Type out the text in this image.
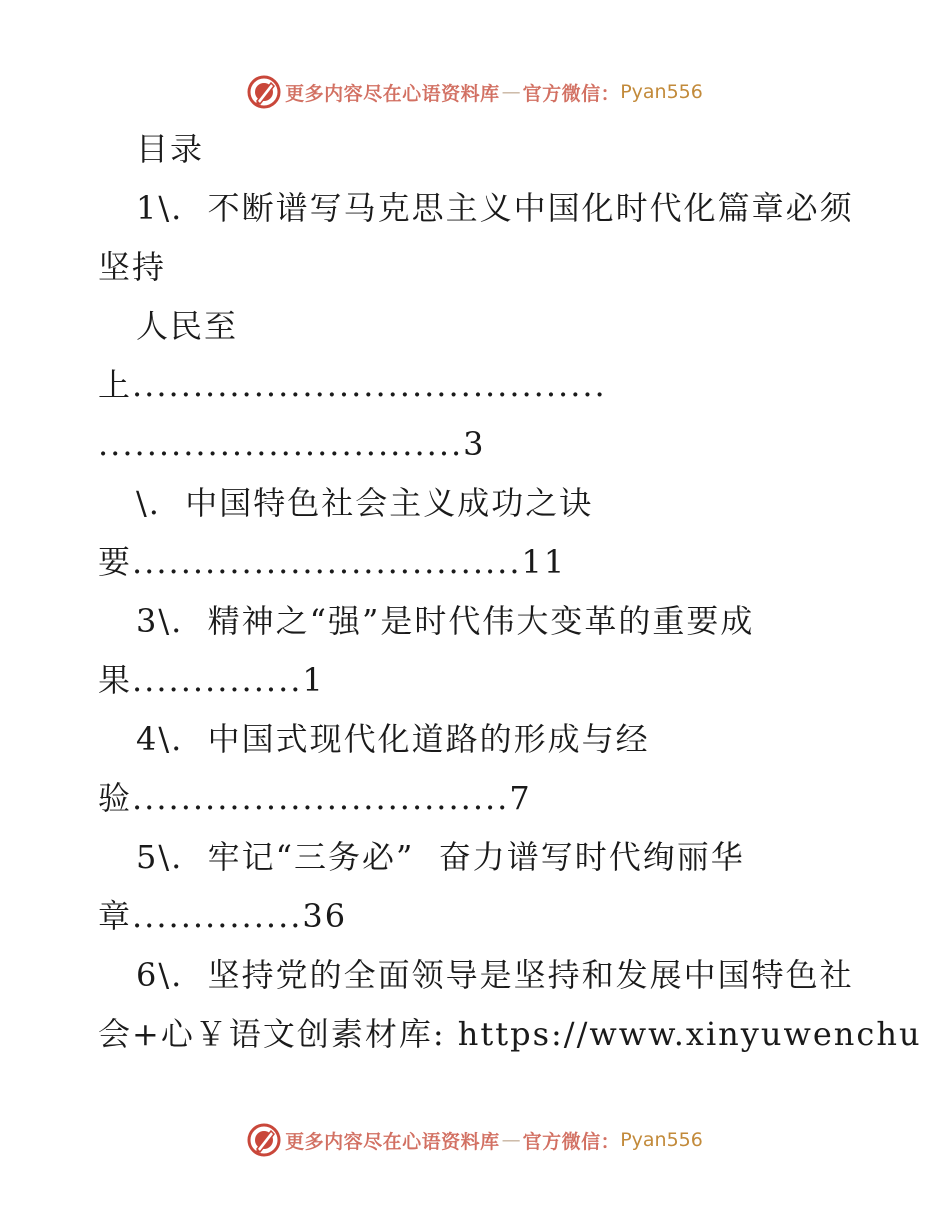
更多内容尽在心语资料库 — 官方微信： Pyan556
目录
1\.  不断谱写马克思主义中国化时代化篇章必须
坚持
人民至
上.......................................
..............................3
\.  中国特色社会主义成功之诀
要................................11
3\.  精神之“强”是时代伟大变革的重要成
果..............1
4\.  中国式现代化道路的形成与经
验...............................7
5\.  牢记“三务必”  奋力谱写时代绚丽华
章..............36
6\.  坚持党的全面领导是坚持和发展中国特色社
会+心￥语文创素材库: https://www.xinyuwenchu
更多内容尽在心语资料库 — 官方微信： Pyan556
